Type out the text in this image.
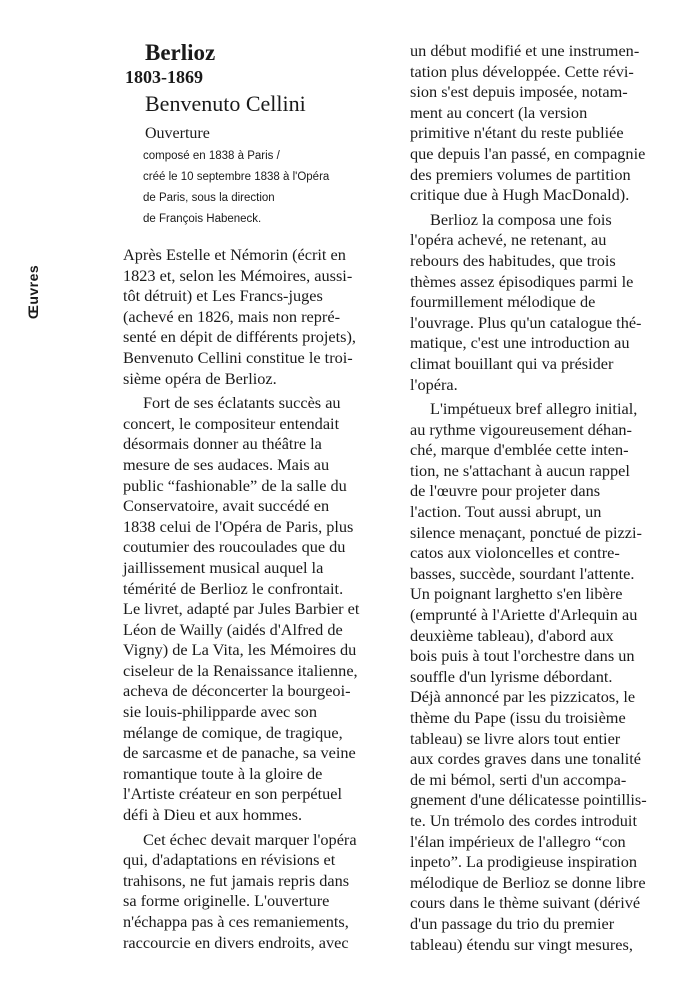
Œuvres
Berlioz
1803-1869
Benvenuto Cellini
Ouverture
composé en 1838 à Paris /
créé le 10 septembre 1838 à l'Opéra
de Paris, sous la direction
de François Habeneck.

Après Estelle et Némorin (écrit en
1823 et, selon les Mémoires, aussi-
tôt détruit) et Les Francs-juges
(achevé en 1826, mais non repré-
senté en dépit de différents projets),
Benvenuto Cellini constitue le troi-
sième opéra de Berlioz.

Fort de ses éclatants succès au
concert, le compositeur entendait
désormais donner au théâtre la
mesure de ses audaces. Mais au
public “fashionable” de la salle du
Conservatoire, avait succédé en
1838 celui de l'Opéra de Paris, plus
coutumier des roucoulades que du
jaillissement musical auquel la
témérité de Berlioz le confrontait.
Le livret, adapté par Jules Barbier et
Léon de Wailly (aidés d'Alfred de
Vigny) de La Vita, les Mémoires du
ciseleur de la Renaissance italienne,
acheva de déconcerter la bourgeoi-
sie louis-philipparde avec son
mélange de comique, de tragique,
de sarcasme et de panache, sa veine
romantique toute à la gloire de
l'Artiste créateur en son perpétuel
défi à Dieu et aux hommes.

Cet échec devait marquer l'opéra
qui, d'adaptations en révisions et
trahisons, ne fut jamais repris dans
sa forme originelle. L'ouverture
n'échappa pas à ces remaniements,
raccourcie en divers endroits, avec

un début modifié et une instrumen-
tation plus développée. Cette révi-
sion s'est depuis imposée, notam-
ment au concert (la version
primitive n'étant du reste publiée
que depuis l'an passé, en compagnie
des premiers volumes de partition
critique due à Hugh MacDonald).

Berlioz la composa une fois
l'opéra achevé, ne retenant, au
rebours des habitudes, que trois
thèmes assez épisodiques parmi le
fourmillement mélodique de
l'ouvrage. Plus qu'un catalogue thé-
matique, c'est une introduction au
climat bouillant qui va présider
l'opéra.

L'impétueux bref allegro initial,
au rythme vigoureusement déhan-
ché, marque d'emblée cette inten-
tion, ne s'attachant à aucun rappel
de l'œuvre pour projeter dans
l'action. Tout aussi abrupt, un
silence menaçant, ponctué de pizzi-
catos aux violoncelles et contre-
basses, succède, sourdant l'attente.
Un poignant larghetto s'en libère
(emprunté à l'Ariette d'Arlequin au
deuxième tableau), d'abord aux
bois puis à tout l'orchestre dans un
souffle d'un lyrisme débordant.
Déjà annoncé par les pizzicatos, le
thème du Pape (issu du troisième
tableau) se livre alors tout entier
aux cordes graves dans une tonalité
de mi bémol, serti d'un accompa-
gnement d'une délicatesse pointillis-
te. Un trémolo des cordes introduit
l'élan impérieux de l'allegro “con
inpeto”. La prodigieuse inspiration
mélodique de Berlioz se donne libre
cours dans le thème suivant (dérivé
d'un passage du trio du premier
tableau) étendu sur vingt mesures,
